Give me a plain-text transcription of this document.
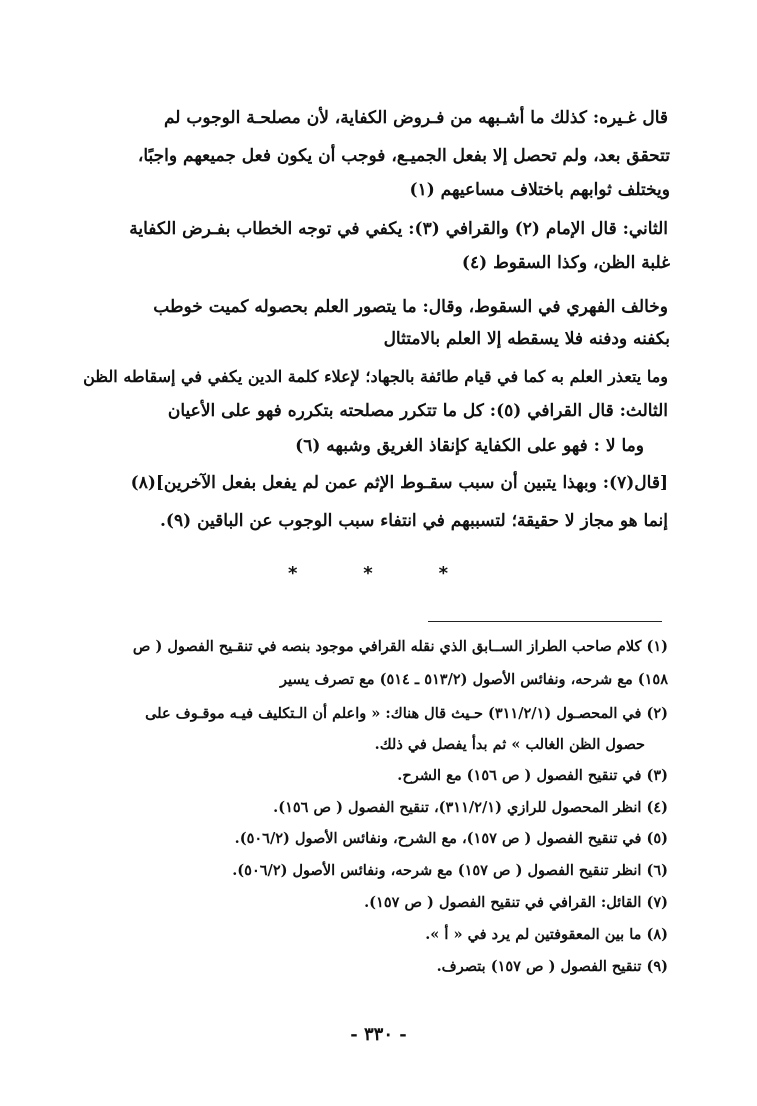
قال غـيره: كذلك ما أشـبهه من فـروض الكفاية، لأن مصلحـة الوجوب لم
تتحقق بعد، ولم تحصل إلا بفعل الجميـع، فوجب أن يكون فعل جميعهم واجبًا،
ويختلف ثوابهم باختلاف مساعيهم (١)
الثاني: قال الإمام (٢) والقرافي (٣): يكفي في توجه الخطاب بفـرض الكفاية
غلبة الظن، وكذا السقوط (٤)
وخالف الفهري في السقوط، وقال: ما يتصور العلم بحصوله كميت خوطب
بكفنه ودفنه فلا يسقطه إلا العلم بالامتثال
وما يتعذر العلم به كما في قيام طائفة بالجهاد؛ لإعلاء كلمة الدين يكفي في إسقاطه الظن
الثالث: قال القرافي (٥): كل ما تتكرر مصلحته بتكرره فهو على الأعيان
وما لا : فهو على الكفاية كإنقاذ الغريق وشبهه (٦)
[قال(٧): وبهذا يتبين أن سبب سقـوط الإثم عمن لم يفعل بفعل الآخرين](٨)
إنما هو مجاز لا حقيقة؛ لتسببهم في انتفاء سبب الوجوب عن الباقين (٩).
*	*	*
(١) كلام صاحب الطراز الســابق الذي نقله القرافي موجود بنصه في تنقـيح الفصول ( ص
١٥٨) مع شرحه، ونفائس الأصول (٥١٣/٢ ـ ٥١٤) مع تصرف يسير
(٢) في المحصـول (٣١١/٢/١) حـيث قال هناك: « واعلم أن الـتكليف فيـه موقـوف على
حصول الظن الغالب » ثم بدأ يفصل في ذلك.
(٣) في تنقيح الفصول ( ص ١٥٦) مع الشرح.
(٤) انظر المحصول للرازي (٣١١/٢/١)، تنقيح الفصول ( ص ١٥٦).
(٥) في تنقيح الفصول ( ص ١٥٧)، مع الشرح، ونفائس الأصول (٥٠٦/٢).
(٦) انظر تنقيح الفصول ( ص ١٥٧) مع شرحه، ونفائس الأصول (٥٠٦/٢).
(٧) القائل: القرافي في تنقيح الفصول ( ص ١٥٧).
(٨) ما بين المعقوفتين لم يرد في « أ ».
(٩) تنقيح الفصول ( ص ١٥٧) بتصرف.
- ٣٣٠ -
